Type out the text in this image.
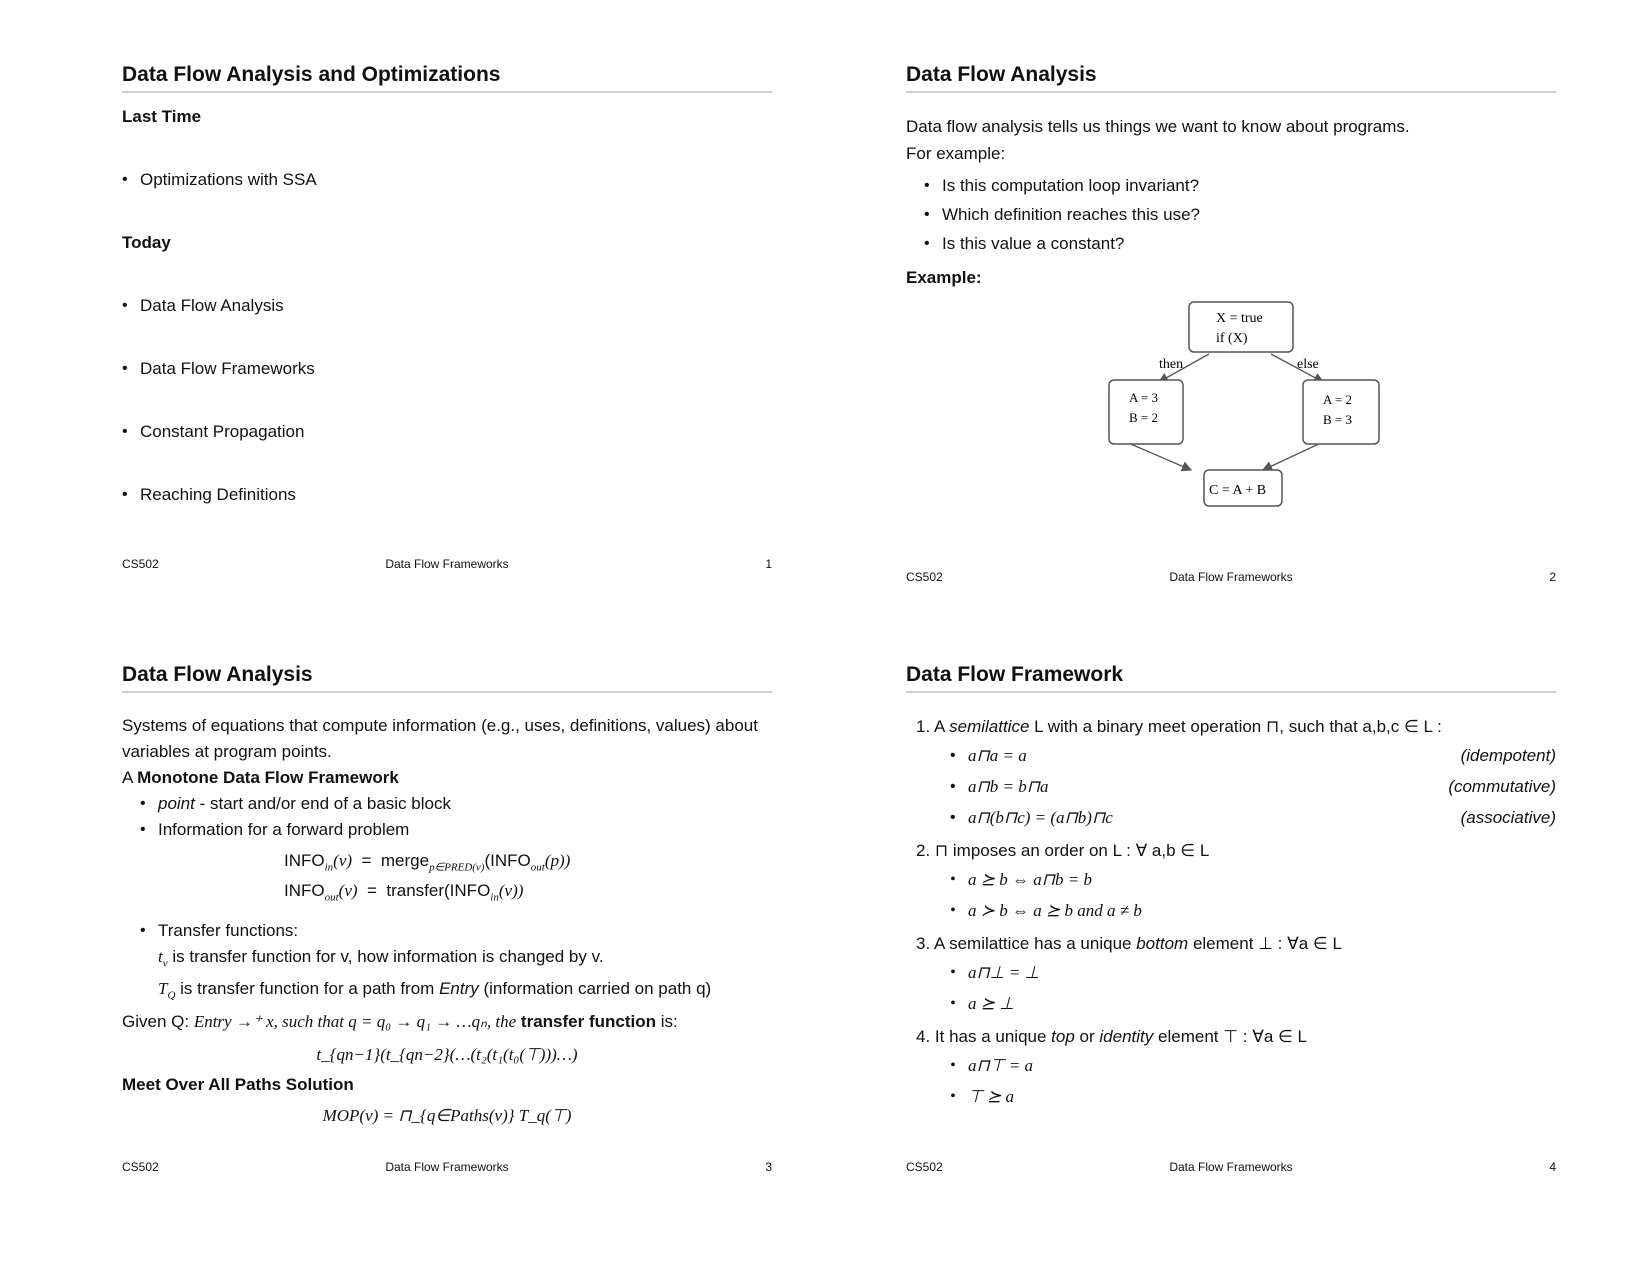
Data Flow Analysis and Optimizations
Last Time
• Optimizations with SSA
Today
• Data Flow Analysis
• Data Flow Frameworks
• Constant Propagation
• Reaching Definitions
CS502	Data Flow Frameworks	1
Data Flow Analysis
Data flow analysis tells us things we want to know about programs.
For example:
• Is this computation loop invariant?
• Which definition reaches this use?
• Is this value a constant?
Example:
X = true
if (X)
then	else
A = 3
B = 2
A = 2
B = 3
C = A + B
CS502	Data Flow Frameworks	2
Data Flow Analysis
Systems of equations that compute information (e.g., uses, definitions, values) about variables at program points.
A Monotone Data Flow Framework
• point - start and/or end of a basic block
• Information for a forward problem
$INFO_{in}(v)$ = $merge_{p\in PRED(v)}(INFO_{out}(p))$
$INFO_{out}(v)$ = $transfer(INFO_{in}(v))$
• Transfer functions:
$t_v$ is transfer function for v, how information is changed by v.
$T_Q$ is transfer function for a path from Entry (information carried on path q)
Given Q: Entry →⁺ x, such that q = q₀ → q₁ → …qₙ, the transfer function is:
t_{qn−1}(t_{qn−2}(…(t₂(t₁(t₀(⊤)))…)
Meet Over All Paths Solution
MOP(v) = ⊓_{q∈Paths(v)} T_q(⊤)
CS502	Data Flow Frameworks	3
Data Flow Framework
1. A semilattice L with a binary meet operation ⊓, such that a,b,c ∈ L :
• a⊓a = a	(idempotent)
• a⊓b = b⊓a	(commutative)
• a⊓(b⊓c) = (a⊓b)⊓c	(associative)
2. ⊓ imposes an order on L : ∀ a,b ∈ L
• a ⪰ b ⇔ a⊓b = b
• a ≻ b ⇔ a ⪰ b and a ≠ b
3. A semilattice has a unique bottom element ⊥ : ∀a ∈ L
• a⊓⊥ = ⊥
• a ⪰ ⊥
4. It has a unique top or identity element ⊤ : ∀a ∈ L
• a⊓⊤ = a
• ⊤ ⪰ a
CS502	Data Flow Frameworks	4
